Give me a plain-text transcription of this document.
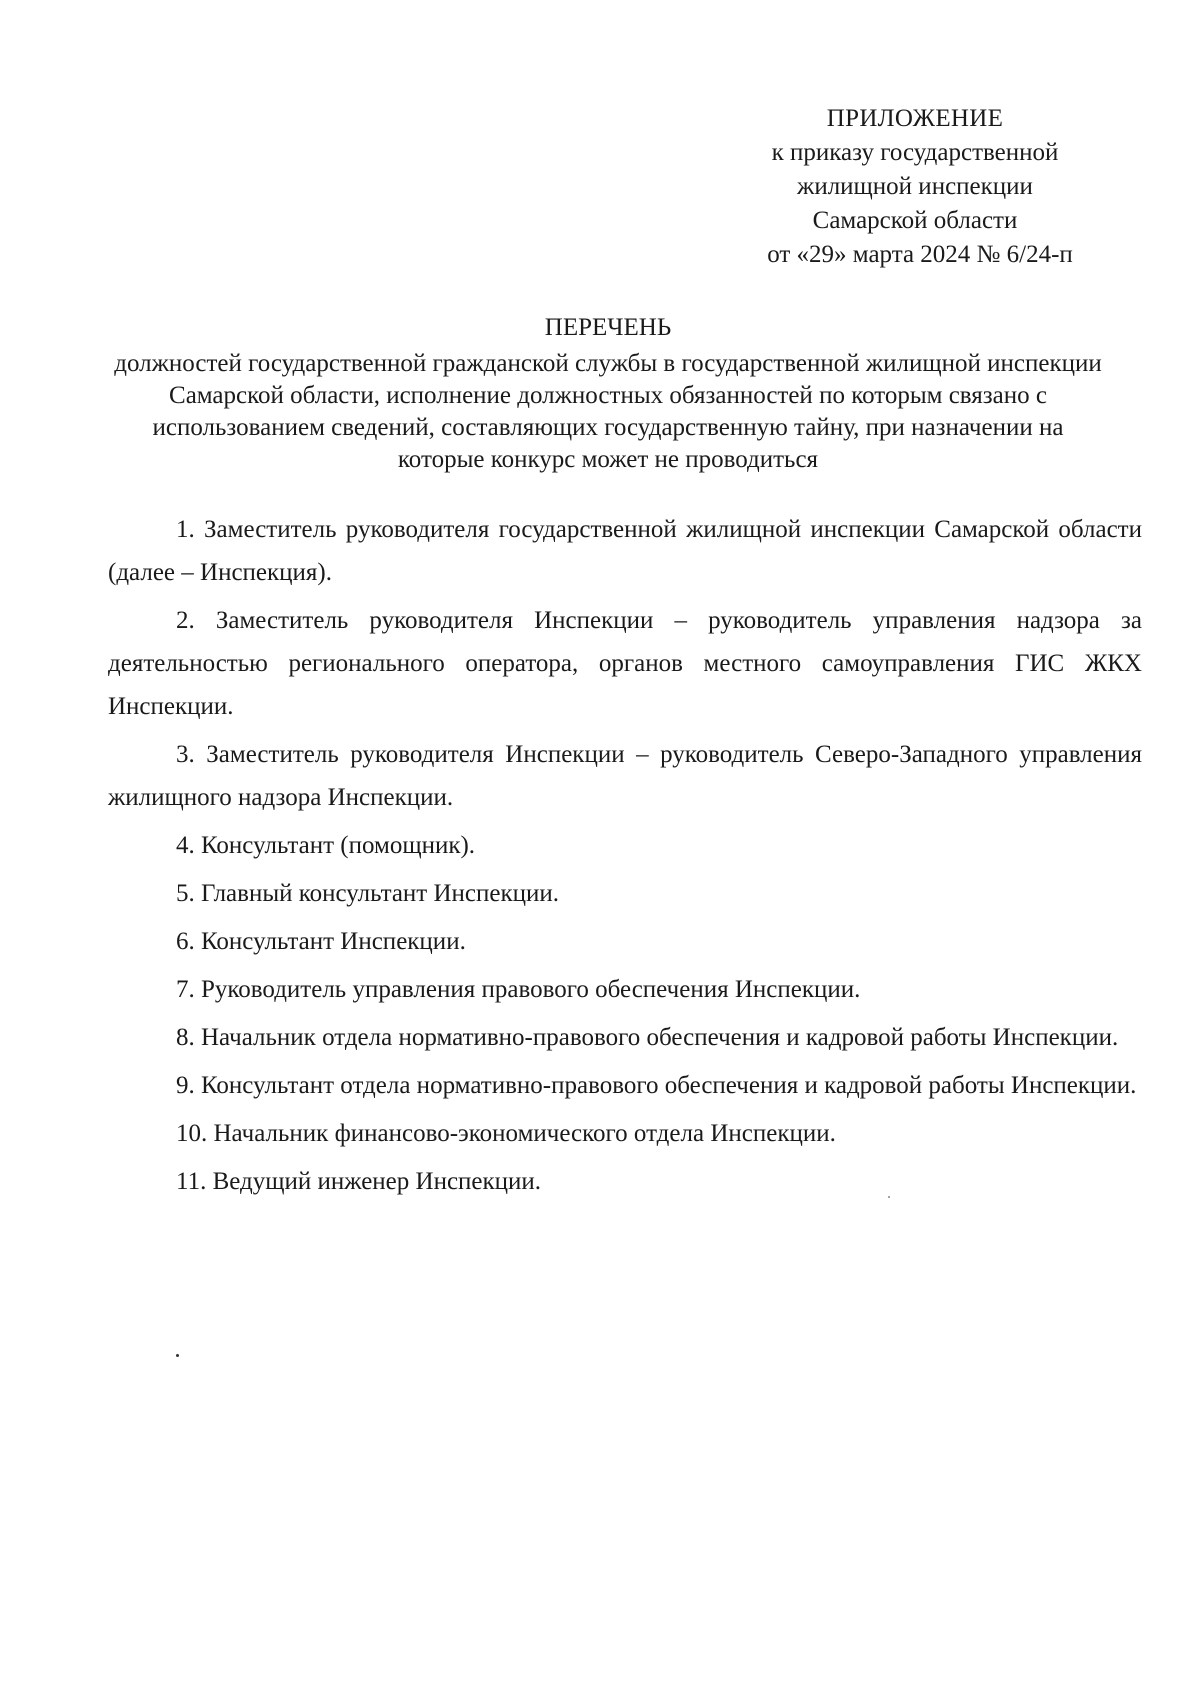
ПРИЛОЖЕНИЕ
к приказу государственной
жилищной инспекции
Самарской области
от «29» марта 2024 № 6/24-п
ПЕРЕЧЕНЬ
должностей государственной гражданской службы в государственной жилищной инспекции Самарской области, исполнение должностных обязанностей по которым связано с использованием сведений, составляющих государственную тайну, при назначении на которые конкурс может не проводиться

1. Заместитель руководителя государственной жилищной инспекции Самарской области (далее – Инспекция).

2. Заместитель руководителя Инспекции – руководитель управления надзора за деятельностью регионального оператора, органов местного самоуправления ГИС ЖКХ Инспекции.

3. Заместитель руководителя Инспекции – руководитель Северо-Западного управления жилищного надзора Инспекции.

4. Консультант (помощник).

5. Главный консультант Инспекции.

6. Консультант Инспекции.

7. Руководитель управления правового обеспечения Инспекции.

8. Начальник отдела нормативно-правового обеспечения и кадровой работы Инспекции.

9. Консультант отдела нормативно-правового обеспечения и кадровой работы Инспекции.

10. Начальник финансово-экономического отдела Инспекции.

11. Ведущий инженер Инспекции.
